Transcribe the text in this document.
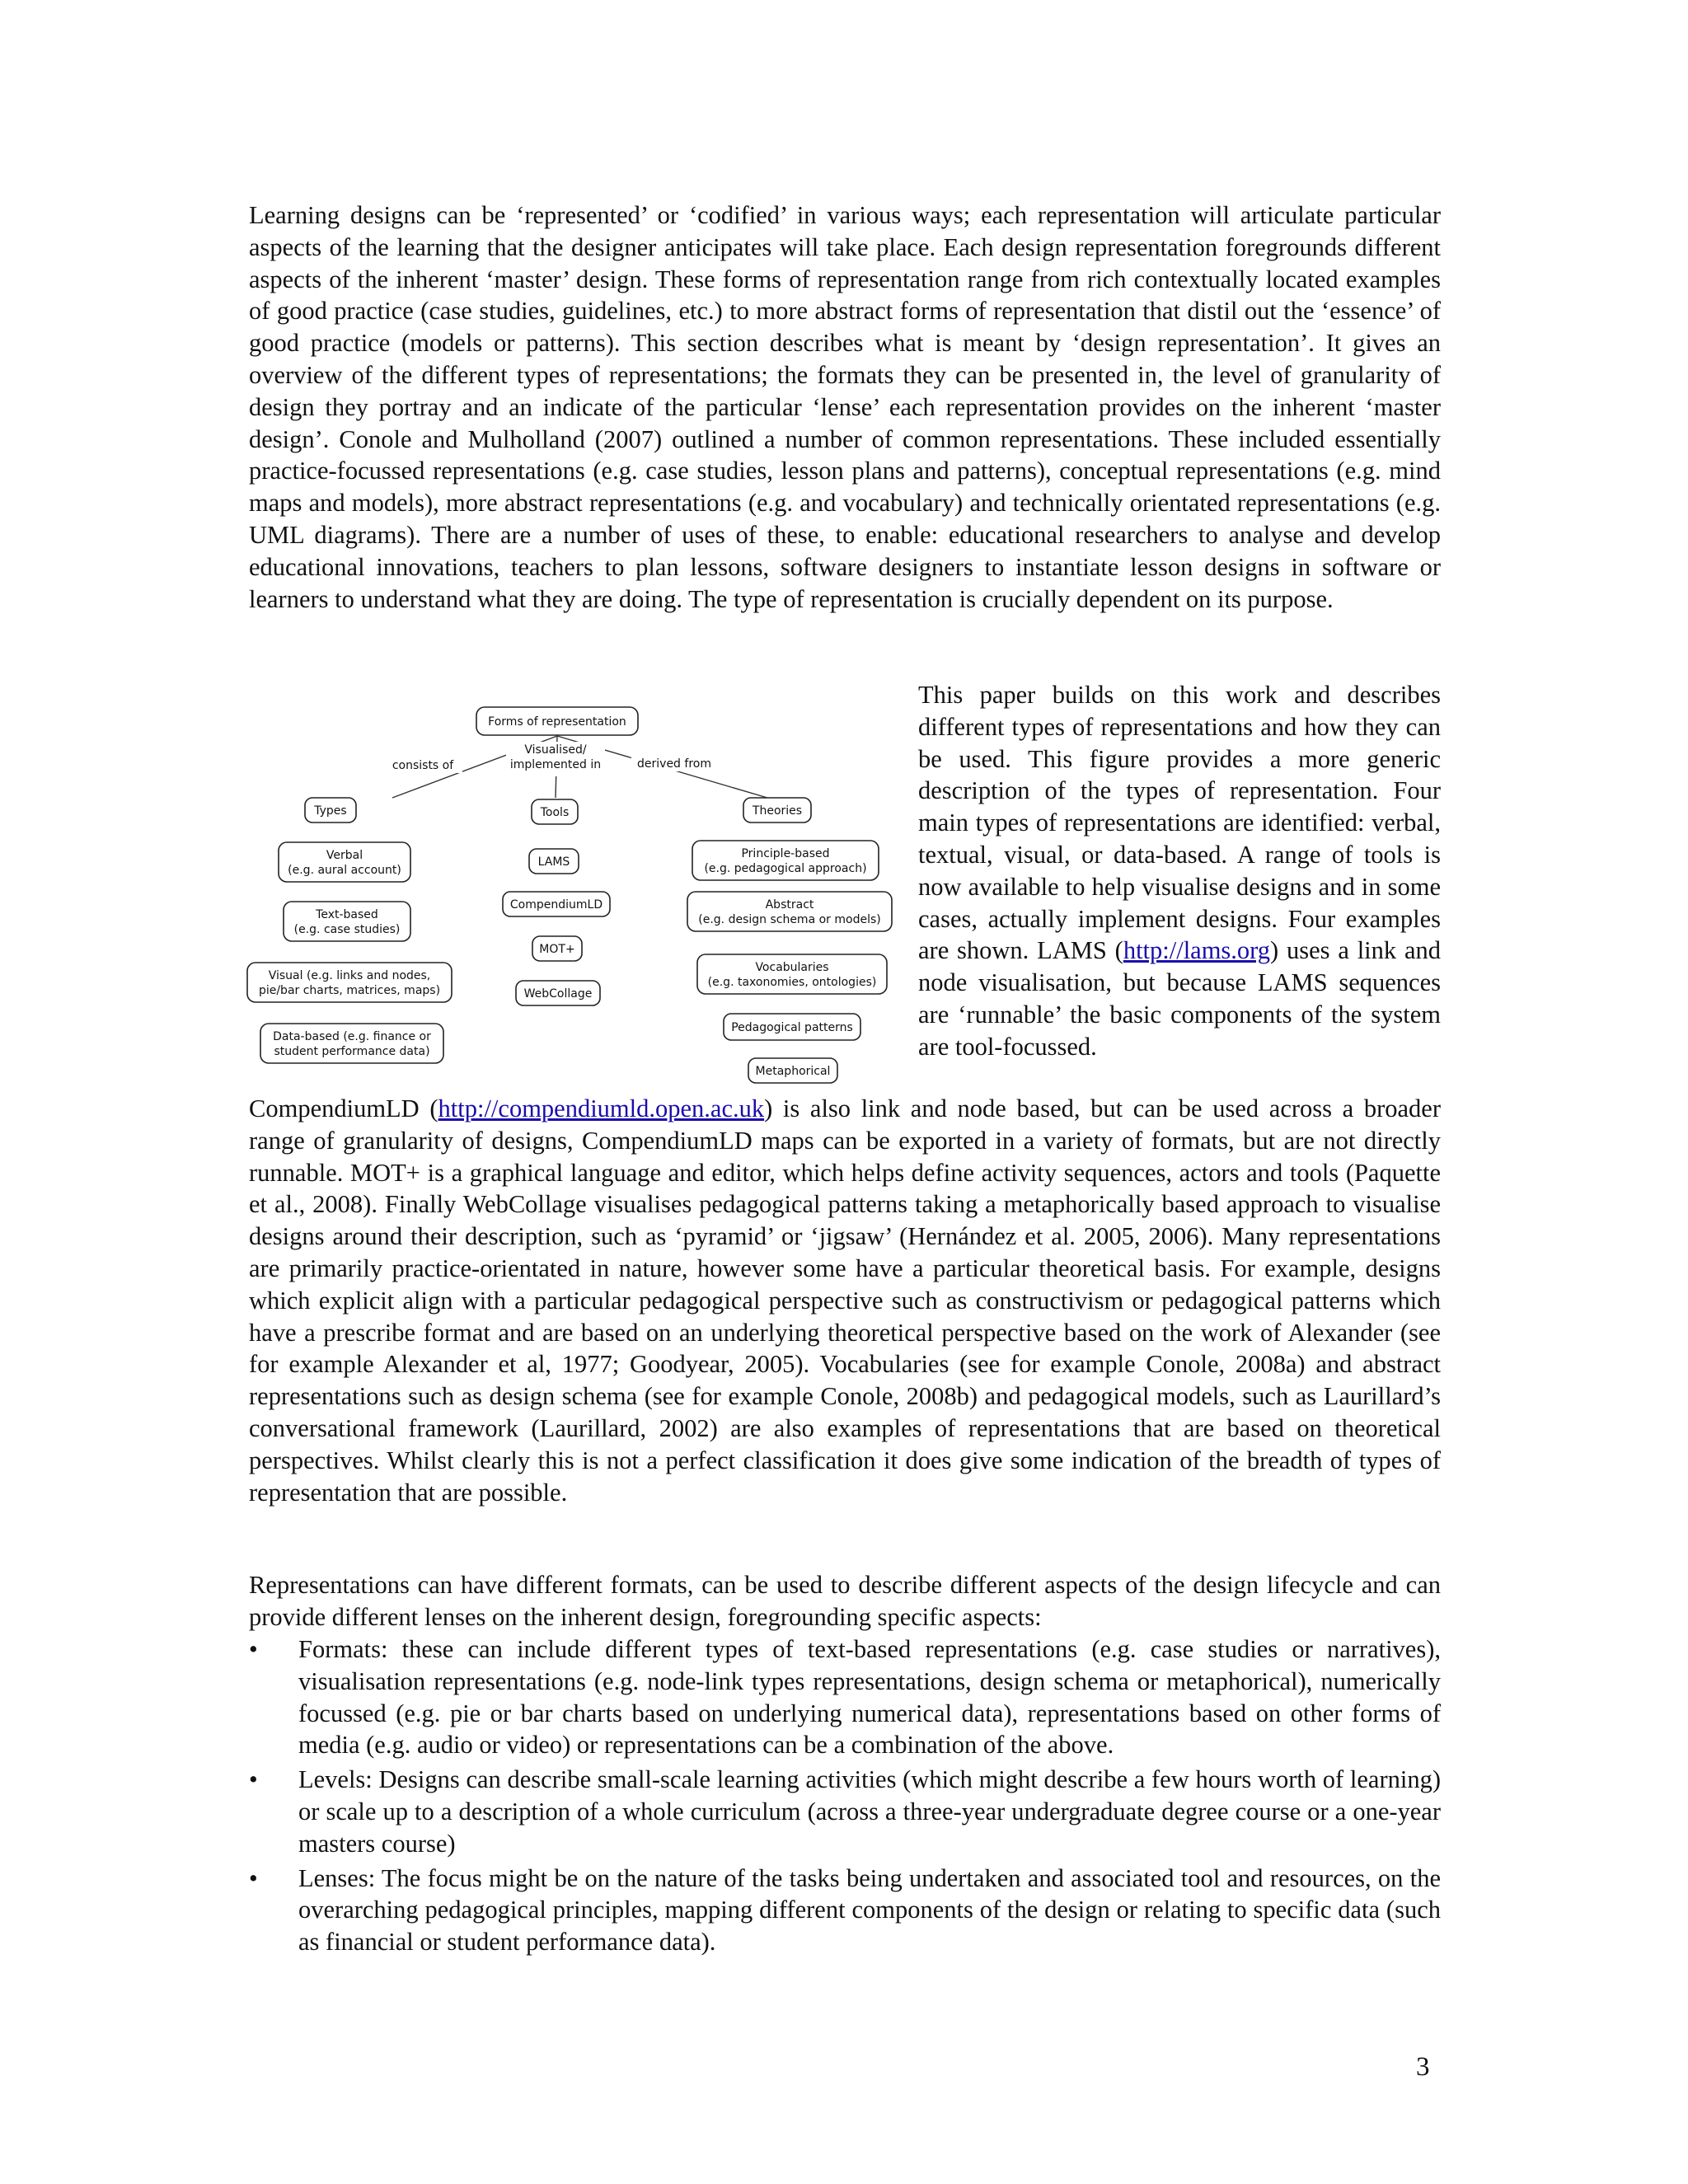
Learning designs can be ‘represented’ or ‘codified’ in various ways; each representation will articulate particular aspects of the learning that the designer anticipates will take place. Each design representation foregrounds different aspects of the inherent ‘master’ design. These forms of representation range from rich contextually located examples of good practice (case studies, guidelines, etc.) to more abstract forms of representation that distil out the ‘essence’ of good practice (models or patterns). This section describes what is meant by ‘design representation’. It gives an overview of the different types of representations; the formats they can be presented in, the level of granularity of design they portray and an indicate of the particular ‘lense’ each representation provides on the inherent ‘master design’. Conole and Mulholland (2007) outlined a number of common representations. These included essentially practice-focussed representations (e.g. case studies, lesson plans and patterns), conceptual representations (e.g. mind maps and models), more abstract representations (e.g. and vocabulary) and technically orientated representations (e.g. UML diagrams). There are a number of uses of these, to enable: educational researchers to analyse and develop educational innovations, teachers to plan lessons, software designers to instantiate lesson designs in software or learners to understand what they are doing. The type of representation is crucially dependent on its purpose.

consists of
Visualised/
implemented in	derived from
Forms of representation
Types	Tools	Theories
Verbal
(e.g. aural account)
Text-based
(e.g. case studies)
Visual (e.g. links and nodes,
pie/bar charts, matrices, maps)
Data-based (e.g. finance or
student performance data)
LAMS
CompendiumLD
MOT+
WebCollage
Principle-based
(e.g. pedagogical approach)
Abstract
(e.g. design schema or models)
Vocabularies
(e.g. taxonomies, ontologies)
Pedagogical patterns
Metaphorical

This paper builds on this work and describes different types of representations and how they can be used. This figure provides a more generic description of the types of representation. Four main types of representations are identified: verbal, textual, visual, or data-based. A range of tools is now available to help visualise designs and in some cases, actually implement designs. Four examples are shown. LAMS (http://lams.org) uses a link and node visualisation, but because LAMS sequences are ‘runnable’ the basic components of the system are tool-focussed.

CompendiumLD (http://compendiumld.open.ac.uk) is also link and node based, but can be used across a broader range of granularity of designs, CompendiumLD maps can be exported in a variety of formats, but are not directly runnable. MOT+ is a graphical language and editor, which helps define activity sequences, actors and tools (Paquette et al., 2008). Finally WebCollage visualises pedagogical patterns taking a metaphorically based approach to visualise designs around their description, such as ‘pyramid’ or ‘jigsaw’ (Hernández et al. 2005, 2006). Many representations are primarily practice-orientated in nature, however some have a particular theoretical basis. For example, designs which explicit align with a particular pedagogical perspective such as constructivism or pedagogical patterns which have a prescribe format and are based on an underlying theoretical perspective based on the work of Alexander (see for example Alexander et al, 1977; Goodyear, 2005). Vocabularies (see for example Conole, 2008a) and abstract representations such as design schema (see for example Conole, 2008b) and pedagogical models, such as Laurillard’s conversational framework (Laurillard, 2002) are also examples of representations that are based on theoretical perspectives. Whilst clearly this is not a perfect classification it does give some indication of the breadth of types of representation that are possible.

Representations can have different formats, can be used to describe different aspects of the design lifecycle and can provide different lenses on the inherent design, foregrounding specific aspects:

• Formats: these can include different types of text-based representations (e.g. case studies or narratives), visualisation representations (e.g. node-link types representations, design schema or metaphorical), numerically focussed (e.g. pie or bar charts based on underlying numerical data), representations based on other forms of media (e.g. audio or video) or representations can be a combination of the above.
• Levels: Designs can describe small-scale learning activities (which might describe a few hours worth of learning) or scale up to a description of a whole curriculum (across a three-year undergraduate degree course or a one-year masters course)
• Lenses: The focus might be on the nature of the tasks being undertaken and associated tool and resources, on the overarching pedagogical principles, mapping different components of the design or relating to specific data (such as financial or student performance data).
3
